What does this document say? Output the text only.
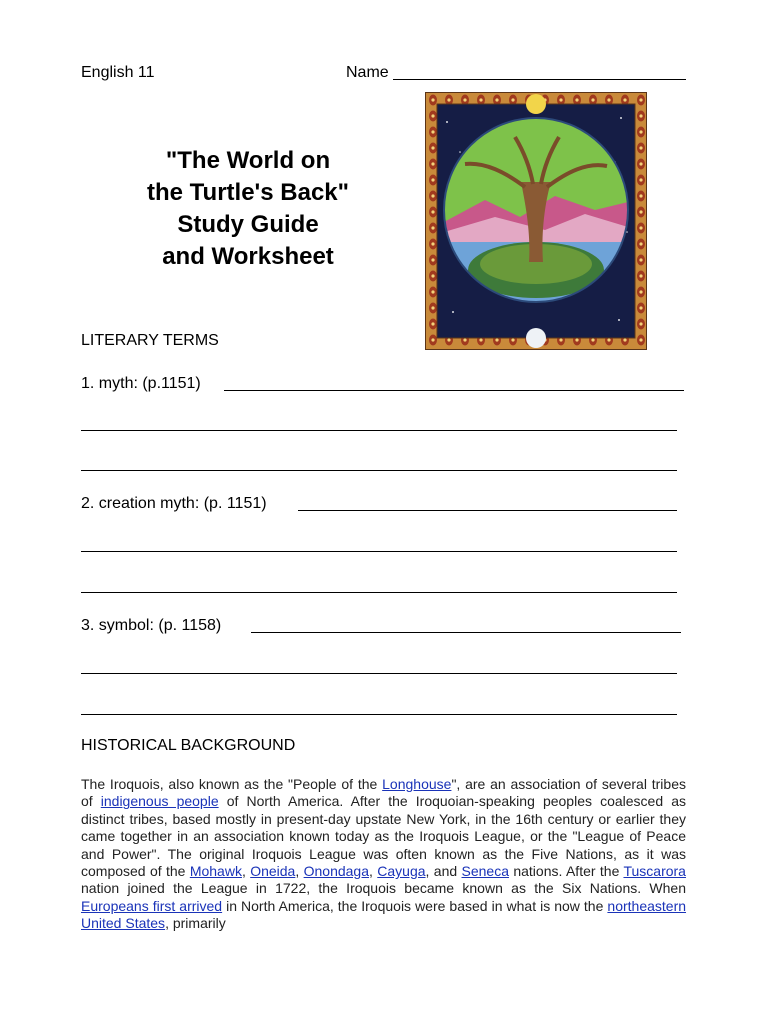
English 11	Name
"The World on
the Turtle's Back"
Study Guide
and Worksheet
LITERARY TERMS
1. myth: (p.1151)
2. creation myth: (p. 1151)
3. symbol: (p. 1158)
HISTORICAL BACKGROUND
The Iroquois, also known as the "People of the Longhouse", are an association of several tribes of indigenous people of North America. After the Iroquoian-speaking peoples coalesced as distinct tribes, based mostly in present-day upstate New York, in the 16th century or earlier they came together in an association known today as the Iroquois League, or the "League of Peace and Power". The original Iroquois League was often known as the Five Nations, as it was composed of the Mohawk, Oneida, Onondaga, Cayuga, and Seneca nations. After the Tuscarora nation joined the League in 1722, the Iroquois became known as the Six Nations. When Europeans first arrived in North America, the Iroquois were based in what is now the northeastern United States, primarily
